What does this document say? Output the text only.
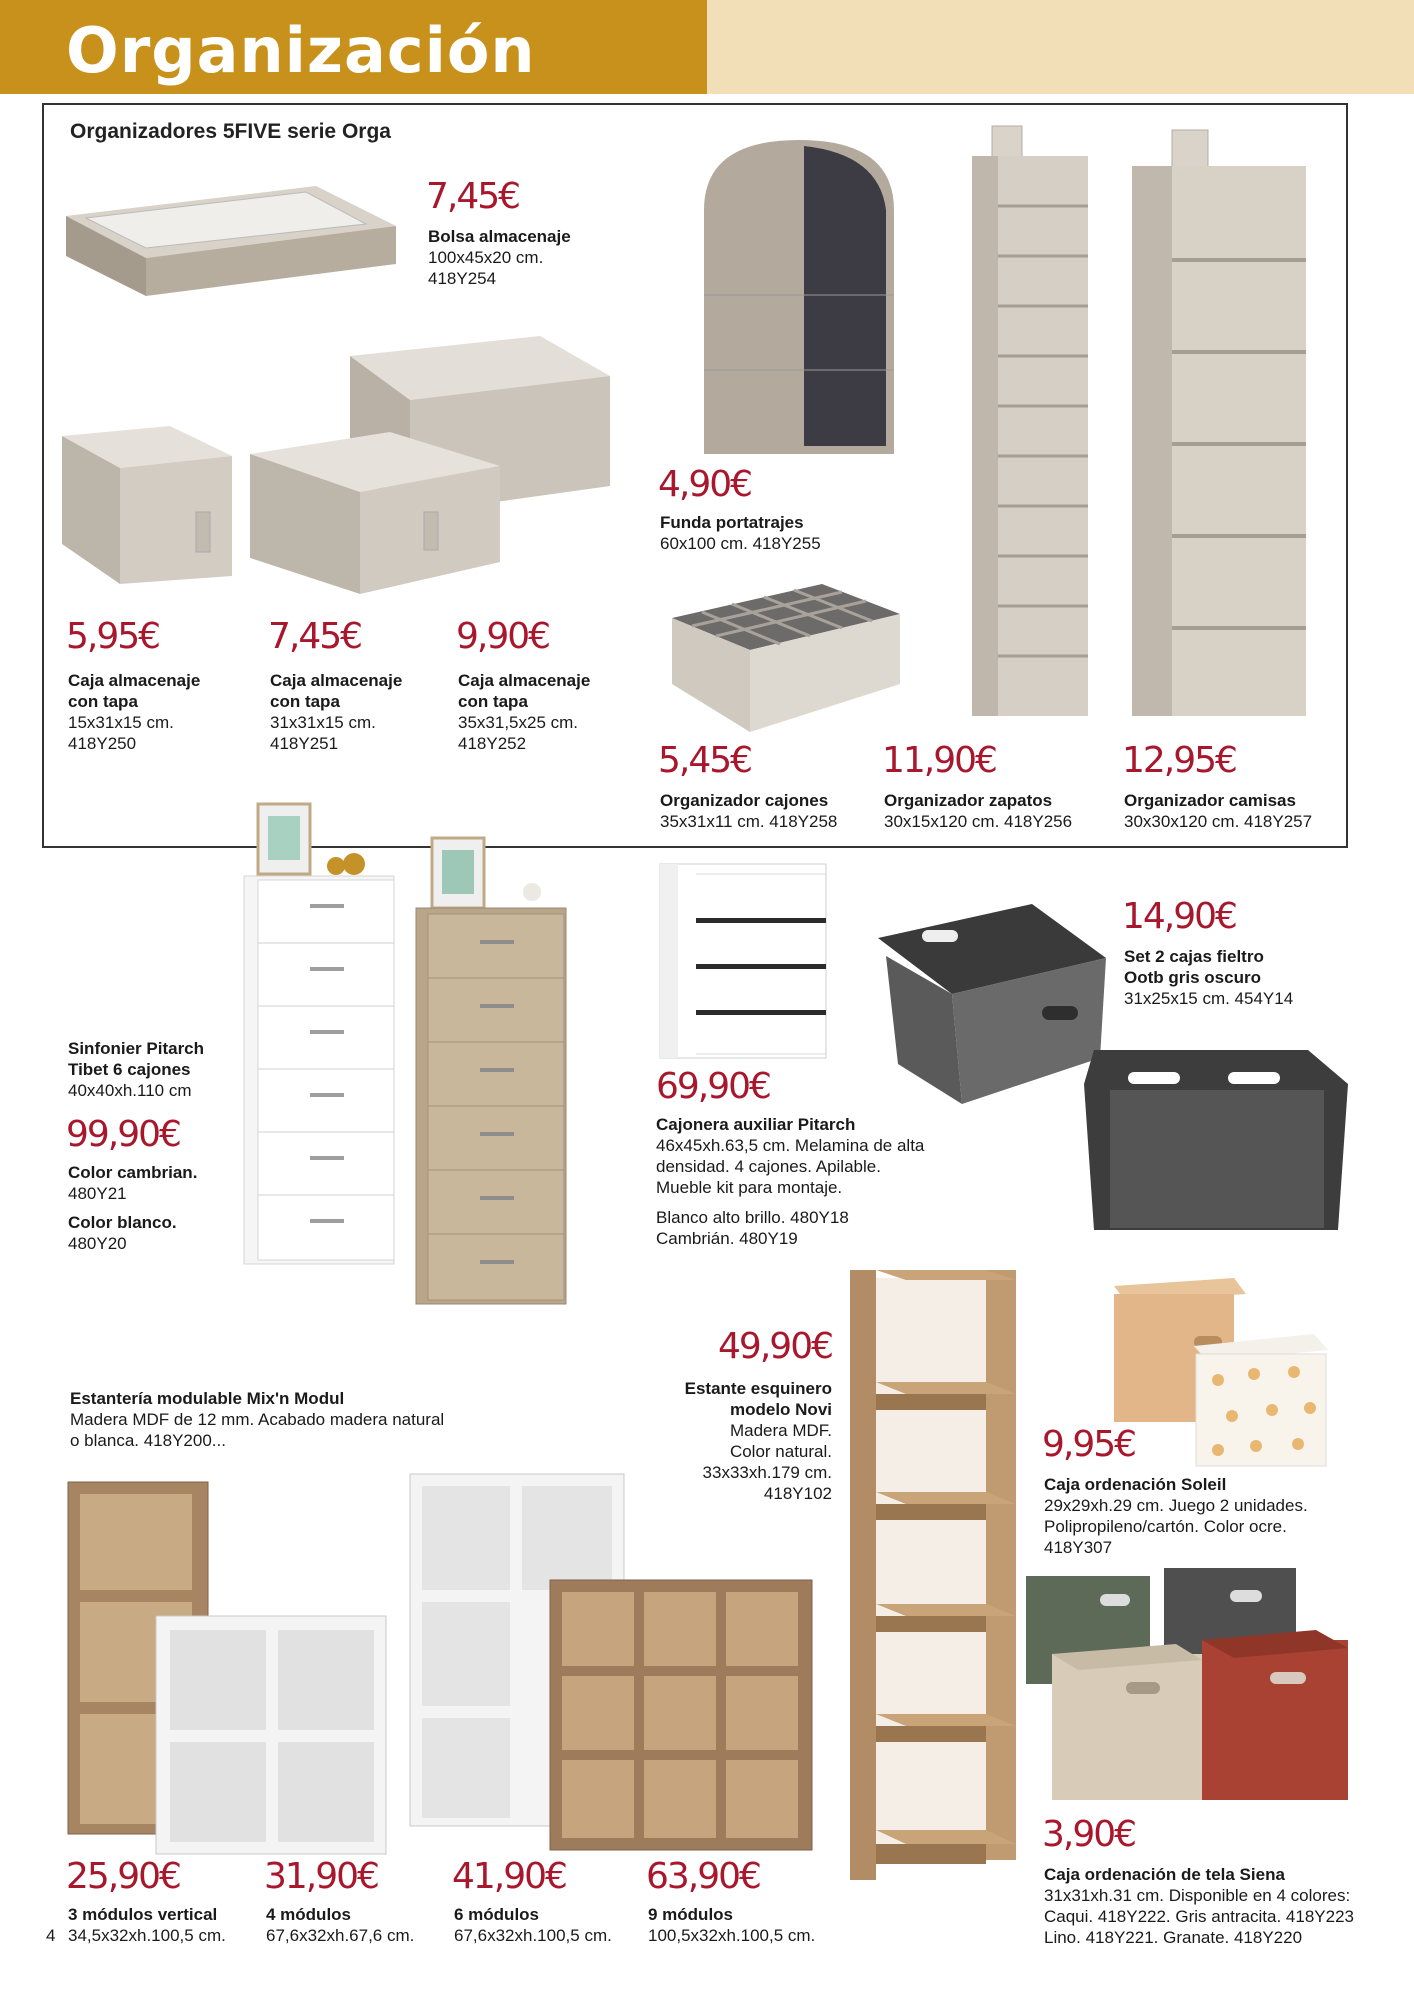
Organización
Organizadores 5FIVE serie Orga
7,45€
Bolsa almacenaje
100x45x20 cm.
418Y254
5,95€
Caja almacenaje
con tapa
15x31x15 cm.
418Y250
7,45€
Caja almacenaje
con tapa
31x31x15 cm.
418Y251
9,90€
Caja almacenaje
con tapa
35x31,5x25 cm.
418Y252
4,90€
Funda portatrajes
60x100 cm. 418Y255
5,45€
Organizador cajones
35x31x11 cm. 418Y258
11,90€
Organizador zapatos
30x15x120 cm. 418Y256
12,95€
Organizador camisas
30x30x120 cm. 418Y257
Sinfonier Pitarch
Tibet 6 cajones
40x40xh.110 cm
99,90€
Color cambrian.
480Y21
Color blanco.
480Y20
69,90€
Cajonera auxiliar Pitarch
46x45xh.63,5 cm. Melamina de alta
densidad. 4 cajones. Apilable.
Mueble kit para montaje.
Blanco alto brillo. 480Y18
Cambrián. 480Y19
14,90€
Set 2 cajas fieltro
Ootb gris oscuro
31x25x15 cm. 454Y14
Estantería modulable Mix'n Modul
Madera MDF de 12 mm. Acabado madera natural
o blanca. 418Y200...
25,90€
3 módulos vertical
34,5x32xh.100,5 cm.
31,90€
4 módulos
67,6x32xh.67,6 cm.
41,90€
6 módulos
67,6x32xh.100,5 cm.
63,90€
9 módulos
100,5x32xh.100,5 cm.
49,90€
Estante esquinero
modelo Novi
Madera MDF.
Color natural.
33x33xh.179 cm.
418Y102
9,95€
Caja ordenación Soleil
29x29xh.29 cm. Juego 2 unidades.
Polipropileno/cartón. Color ocre.
418Y307
3,90€
Caja ordenación de tela Siena
31x31xh.31 cm. Disponible en 4 colores:
Caqui. 418Y222. Gris antracita. 418Y223
Lino. 418Y221. Granate. 418Y220
4
